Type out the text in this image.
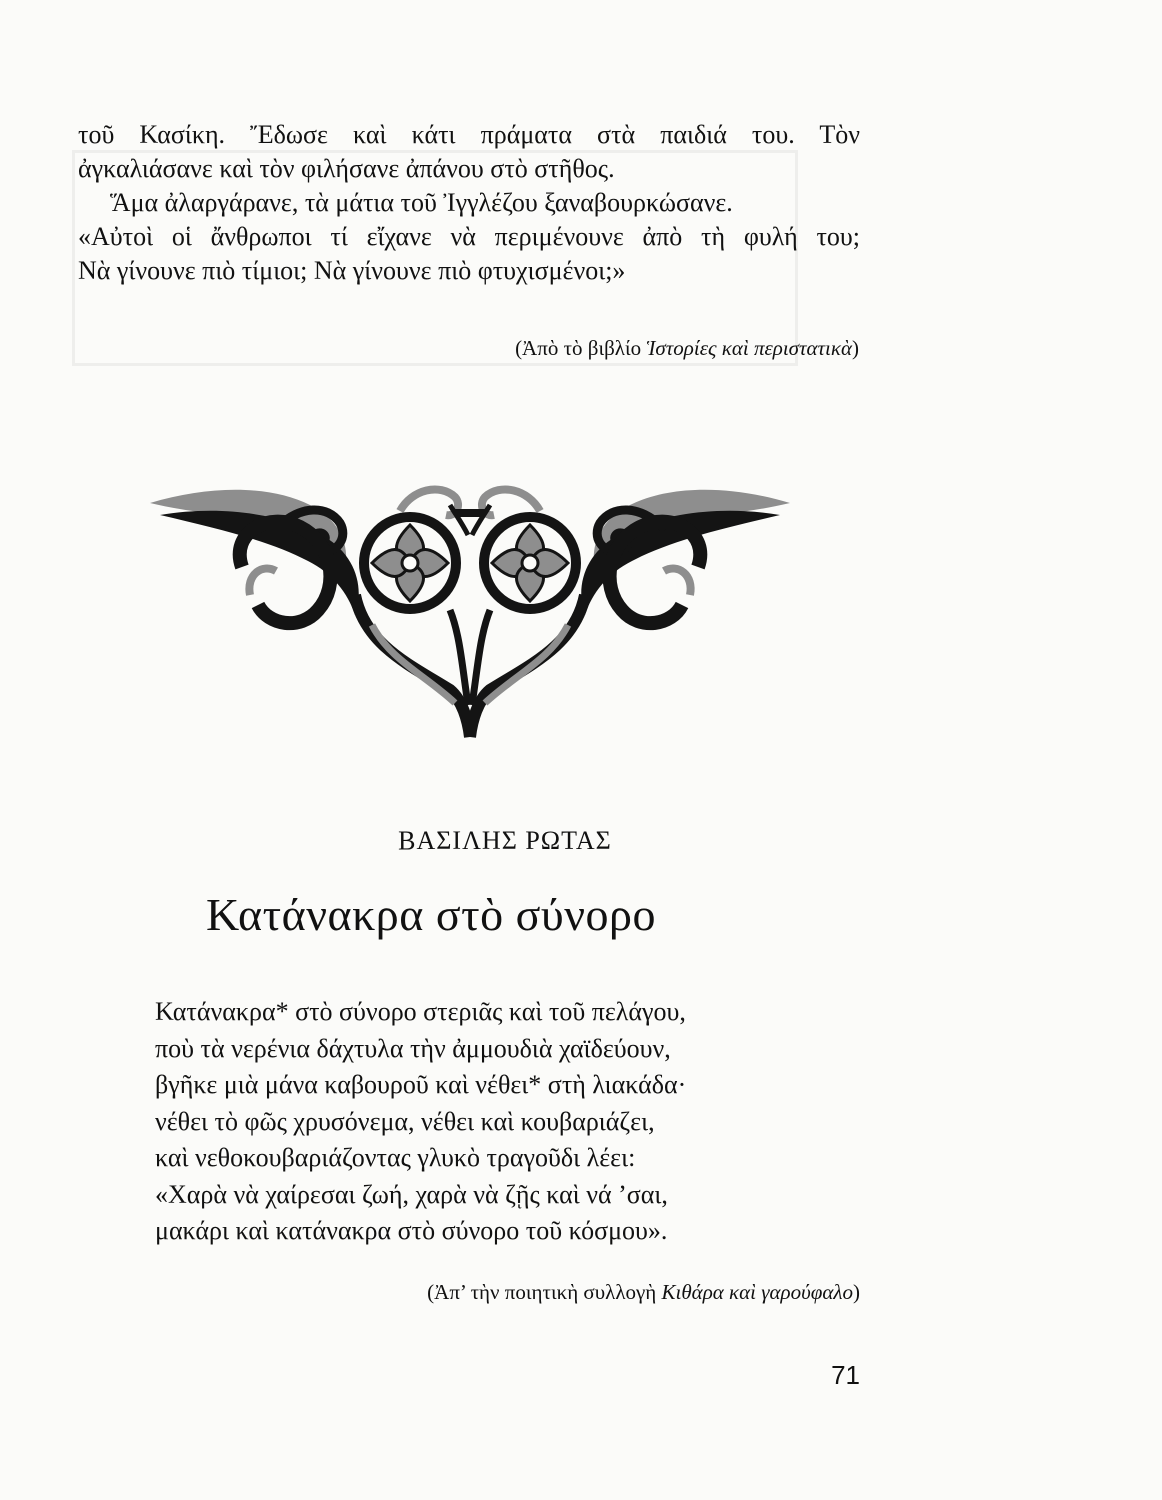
τοῦ Κασίκη. Ἔδωσε καὶ κάτι πράματα στὰ παιδιά του. Τὸν

ἀγκαλιάσανε καὶ τὸν φιλήσανε ἀπάνου στὸ στῆθος.

Ἅμα ἀλαργάρανε, τὰ μάτια τοῦ Ἰγγλέζου ξαναβουρκώσανε.

«Αὐτοὶ οἱ ἄνθρωποι τί εἴχανε νὰ περιμένουνε ἀπὸ τὴ φυλή του;

Νὰ γίνουνε πιὸ τίμιοι; Νὰ γίνουνε πιὸ φτυχισμένοι;»

(Ἀπὸ τὸ βιβλίο Ἱστορίες καὶ περιστατικὰ)
ΒΑΣΙΛΗΣ ΡΩΤΑΣ
Κατάνακρα στὸ σύνορο

Κατάνακρα* στὸ σύνορο στεριᾶς καὶ τοῦ πελάγου,

ποὺ τὰ νερένια δάχτυλα τὴν ἀμμουδιὰ χαϊδεύουν,

βγῆκε μιὰ μάνα καβουροῦ καὶ νέθει* στὴ λιακάδα·

νέθει τὸ φῶς χρυσόνεμα, νέθει καὶ κουβαριάζει,

καὶ νεθοκουβαριάζοντας γλυκὸ τραγοῦδι λέει:

«Χαρὰ νὰ χαίρεσαι ζωή, χαρὰ νὰ ζῇς καὶ νά ’σαι,

μακάρι καὶ κατάνακρα στὸ σύνορο τοῦ κόσμου».

(Ἀπ’ τὴν ποιητικὴ συλλογὴ Κιθάρα καὶ γαρούφαλο)
71
